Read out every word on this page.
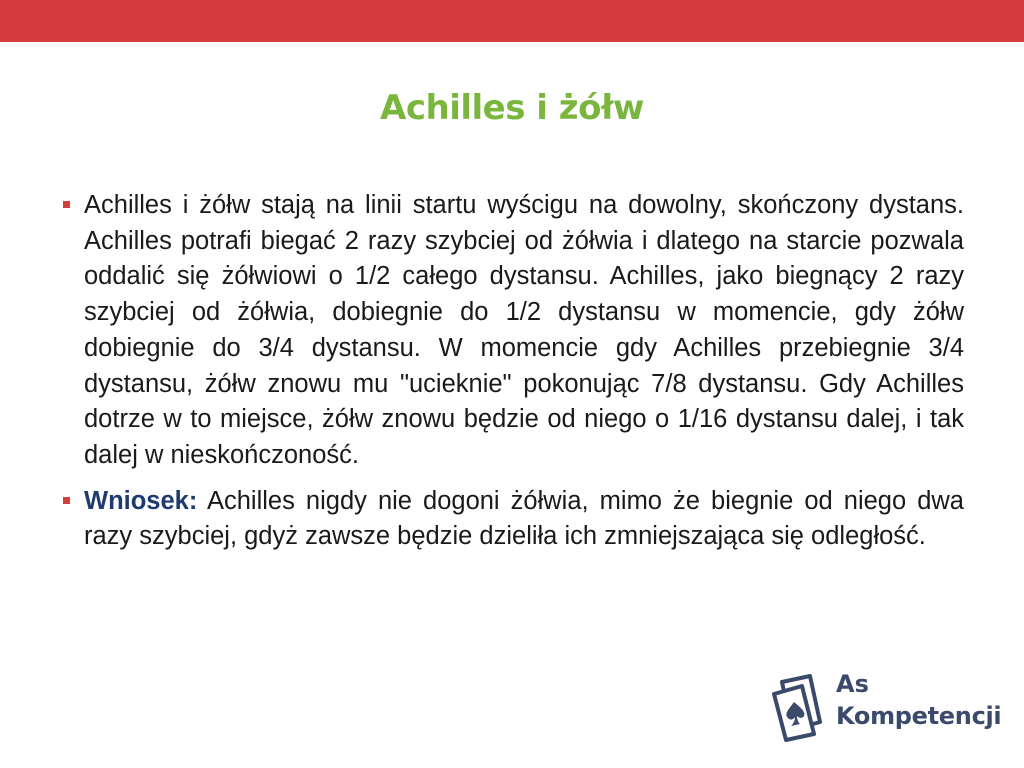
Achilles i żółw
Achilles i żółw stają na linii startu wyścigu na dowolny, skończony dystans. Achilles potrafi biegać 2 razy szybciej od żółwia i dlatego na starcie pozwala oddalić się żółwiowi o 1/2 całego dystansu. Achilles, jako biegnący 2 razy szybciej od żółwia, dobiegnie do 1/2 dystansu w momencie, gdy żółw dobiegnie do 3/4 dystansu. W momencie gdy Achilles przebiegnie 3/4 dystansu, żółw znowu mu "ucieknie" pokonując 7/8 dystansu. Gdy Achilles dotrze w to miejsce, żółw znowu będzie od niego o 1/16 dystansu dalej, i tak dalej w nieskończoność.
Wniosek: Achilles nigdy nie dogoni żółwia, mimo że biegnie od niego dwa razy szybciej, gdyż zawsze będzie dzieliła ich zmniejszająca się odległość.
As
Kompetencji
